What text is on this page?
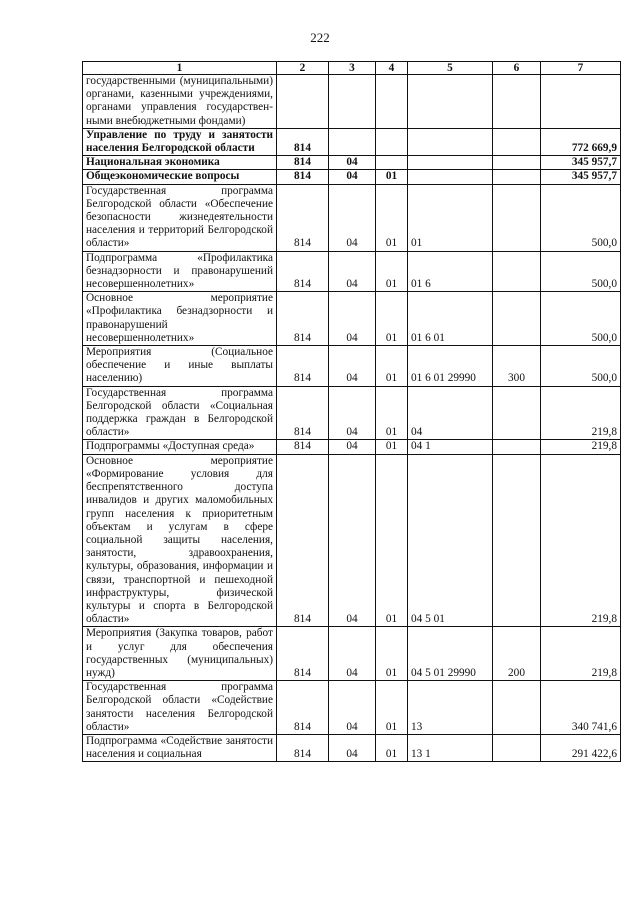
222
1	2	3	4	5	6	7
государственными (муниципальными) органами, казенными учреждениями, органами управления государствен-ными внебюджетными фондами)						
Управление по труду и занятости населения Белгородской области	814					772 669,9
Национальная экономика	814	04				345 957,7
Общеэкономические вопросы	814	04	01			345 957,7
Государственная программа Белгородской области «Обеспечение безопасности жизнедеятельности населения и территорий Белгородской области»	814	04	01	01		500,0
Подпрограмма «Профилактика безнадзорности и правонарушений несовершеннолетних»	814	04	01	01 6		500,0
Основное мероприятие «Профилактика безнадзорности и правонарушений несовершеннолетних»	814	04	01	01 6 01		500,0
Мероприятия (Социальное обеспечение и иные выплаты населению)	814	04	01	01 6 01 29990	300	500,0
Государственная программа Белгородской области «Социальная поддержка граждан в Белгородской области»	814	04	01	04		219,8
Подпрограммы «Доступная среда»	814	04	01	04 1		219,8
Основное мероприятие «Формирование условия для беспрепятственного доступа инвалидов и других маломобильных групп населения к приоритетным объектам и услугам в сфере социальной защиты населения, занятости, здравоохранения, культуры, образования, информации и связи, транспортной и пешеходной инфраструктуры, физической культуры и спорта в Белгородской области»	814	04	01	04 5 01		219,8
Мероприятия (Закупка товаров, работ и услуг для обеспечения государственных (муниципальных) нужд)	814	04	01	04 5 01 29990	200	219,8
Государственная программа Белгородской области «Содействие занятости населения Белгородской области»	814	04	01	13		340 741,6
Подпрограмма «Содействие занятости населения и социальная	814	04	01	13 1		291 422,6
